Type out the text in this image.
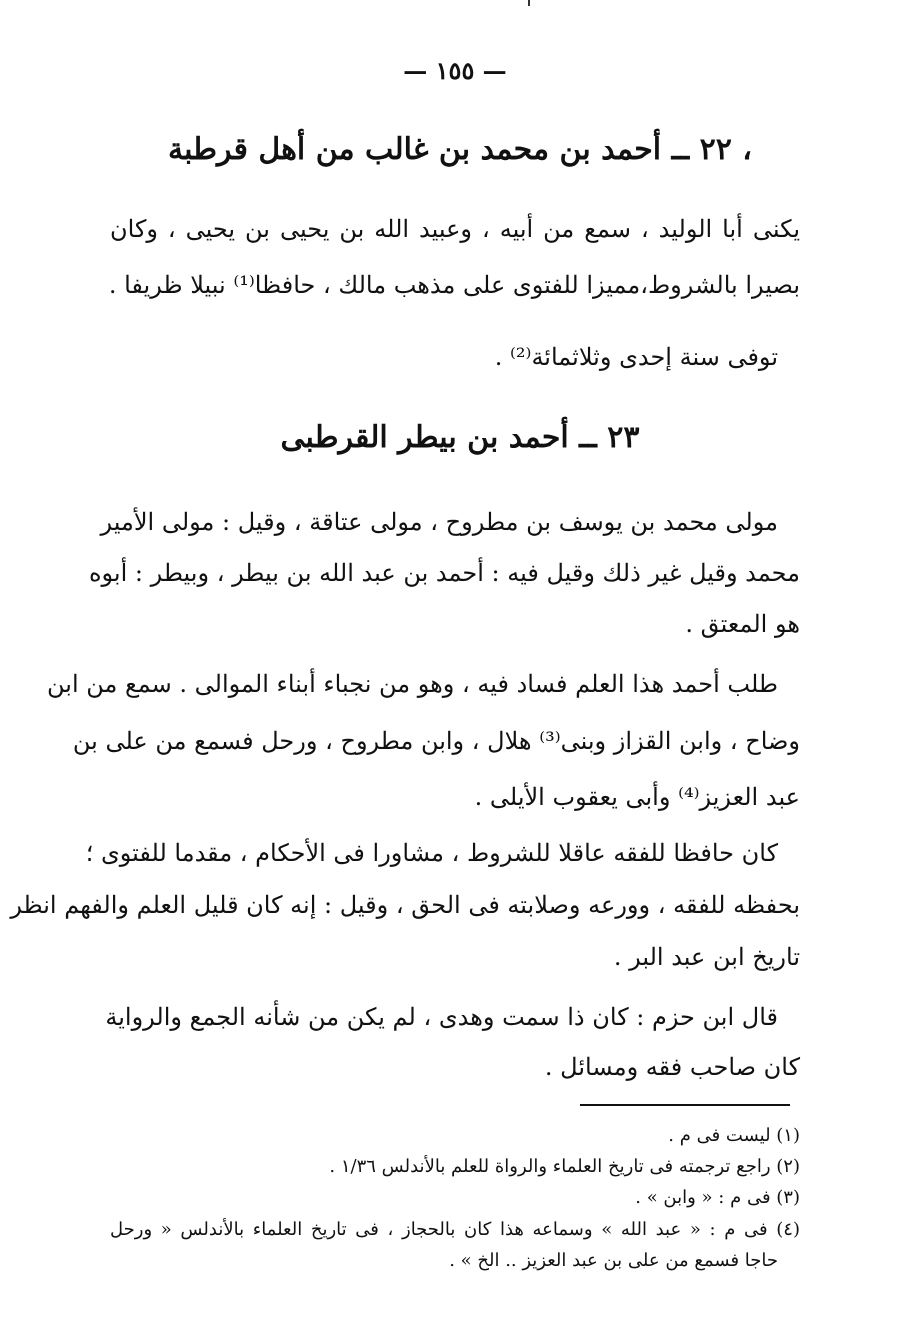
— ١٥٥ —
، ٢٢ ــ أحمد بن محمد بن غالب من أهل قرطبة
يكنى أبا الوليد ، سمع من أبيه ، وعبيد الله بن يحيى بن يحيى ، وكان
بصيرا بالشروط،مميزا للفتوى على مذهب مالك ، حافظا⁽¹⁾ نبيلا ظريفا .
توفى سنة إحدى وثلاثمائة⁽²⁾ .
٢٣ ــ أحمد بن بيطر القرطبى
مولى محمد بن يوسف بن مطروح ، مولى عتاقة ، وقيل : مولى الأمير
محمد وقيل غير ذلك وقيل فيه : أحمد بن عبد الله بن بيطر ، وبيطر : أبوه
هو المعتق .
طلب أحمد هذا العلم فساد فيه ، وهو من نجباء أبناء الموالى . سمع من ابن
وضاح ، وابن القزاز وبنى⁽³⁾ هلال ، وابن مطروح ، ورحل فسمع من على بن
عبد العزيز⁽⁴⁾ وأبى يعقوب الأيلى .
كان حافظا للفقه عاقلا للشروط ، مشاورا فى الأحكام ، مقدما للفتوى ؛
بحفظه للفقه ، وورعه وصلابته فى الحق ، وقيل : إنه كان قليل العلم والفهم انظر
تاريخ ابن عبد البر .
قال ابن حزم : كان ذا سمت وهدى ، لم يكن من شأنه الجمع والرواية
كان صاحب فقه ومسائل .
(١) ليست فى م .
(٢) راجع ترجمته فى تاريخ العلماء والرواة للعلم بالأندلس ١/٣٦ .
(٣) فى م : « وابن » .
(٤) فى م : « عبد الله » وسماعه هذا كان بالحجاز ، فى تاريخ العلماء بالأندلس « ورحل
حاجا فسمع من على بن عبد العزيز .. الخ » .
